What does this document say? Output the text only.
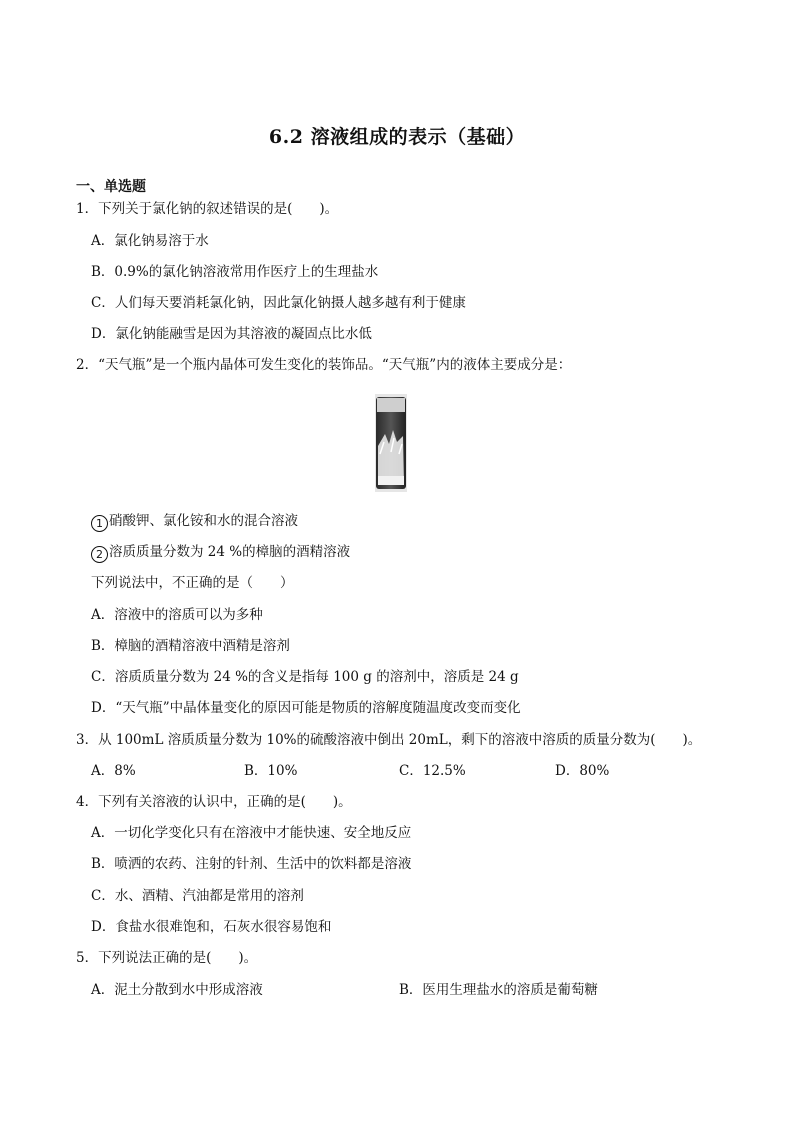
6.2 溶液组成的表示（基础）
一、单选题
1．下列关于氯化钠的叙述错误的是(　　)。
A．氯化钠易溶于水
B．0.9%的氯化钠溶液常用作医疗上的生理盐水
C．人们每天要消耗氯化钠，因此氯化钠摄人越多越有利于健康
D．氯化钠能融雪是因为其溶液的凝固点比水低
2．“天气瓶”是一个瓶内晶体可发生变化的装饰品。“天气瓶”内的液体主要成分是：
1 硝酸钾、氯化铵和水的混合溶液
2 溶质质量分数为 24 %的樟脑的酒精溶液
下列说法中，不正确的是（　　）
A．溶液中的溶质可以为多种
B．樟脑的酒精溶液中酒精是溶剂
C．溶质质量分数为 24 %的含义是指每 100 g 的溶剂中，溶质是 24 g
D．“天气瓶”中晶体量变化的原因可能是物质的溶解度随温度改变而变化
3．从 100mL 溶质质量分数为 10%的硫酸溶液中倒出 20mL，剩下的溶液中溶质的质量分数为(　　)。
A．8%	B．10%	C．12.5%	D．80%
4．下列有关溶液的认识中，正确的是(　　)。
A．一切化学变化只有在溶液中才能快速、安全地反应
B．喷洒的农药、注射的针剂、生活中的饮料都是溶液
C．水、酒精、汽油都是常用的溶剂
D．食盐水很难饱和，石灰水很容易饱和
5．下列说法正确的是(　　)。
A．泥土分散到水中形成溶液	B．医用生理盐水的溶质是葡萄糖
